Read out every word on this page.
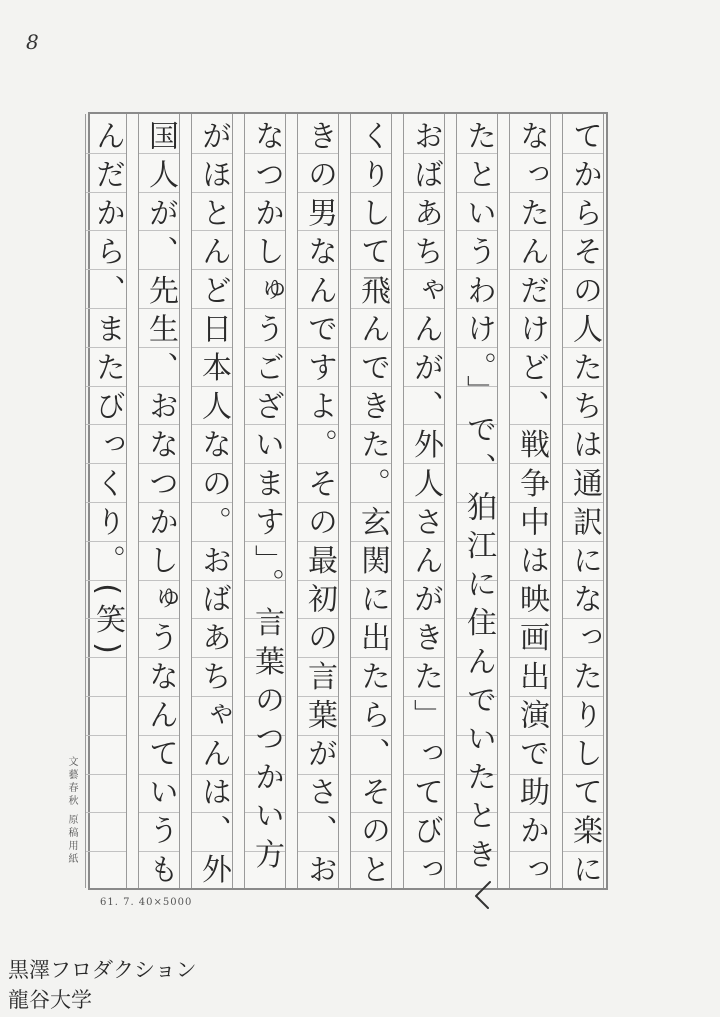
8
てからその人たちは通訳になったりして楽に
なったんだけど、戦争中は映画出演で助かっ
たというわけ。」で、狛江に住んでいたとき
おばあちゃんが、外人さんがきた」ってびっ
くりして飛んできた。玄関に出たら、そのと
きの男なんですよ。その最初の言葉がさ、お
なつかしゅうございます」。言葉のつかい方
がほとんど日本人なの。おばあちゃんは、外
国人が、先生、おなつかしゅうなんていうも
んだから、またびっくり。(笑)
文藝春秋 原稿用紙
61. 7. 40×5000
黒澤フロダクション
龍谷大学
